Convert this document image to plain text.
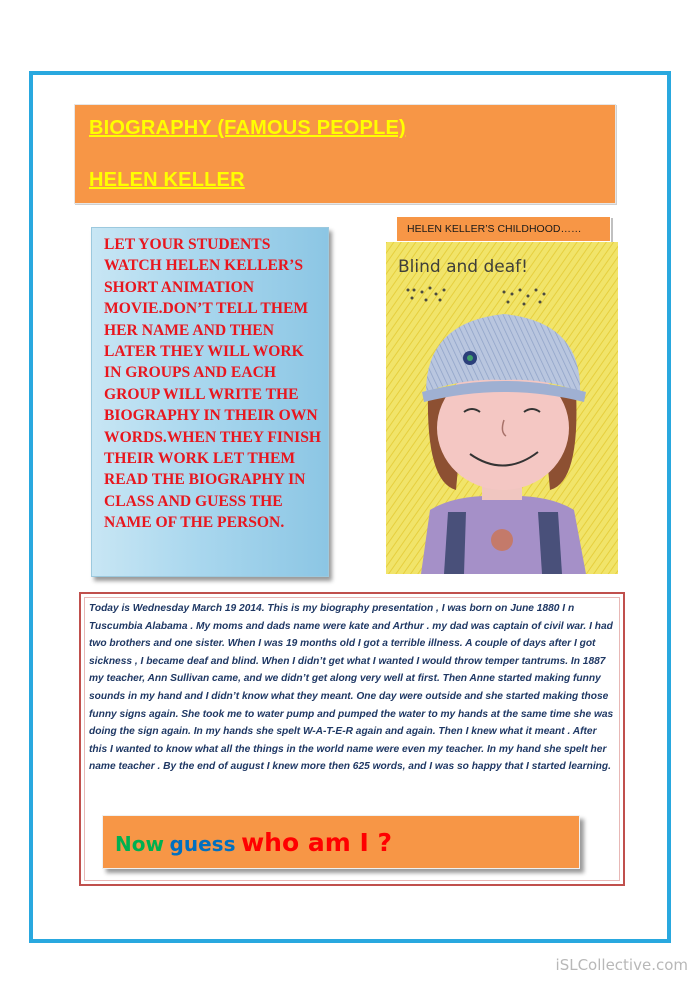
BIOGRAPHY (FAMOUS PEOPLE)
HELEN KELLER
LET YOUR STUDENTS WATCH HELEN KELLER’S SHORT ANIMATION MOVIE.DON’T TELL THEM HER NAME AND THEN LATER THEY WILL WORK IN GROUPS AND EACH GROUP WILL WRITE THE BIOGRAPHY IN THEIR OWN WORDS.WHEN THEY FINISH THEIR WORK LET THEM READ THE BIOGRAPHY IN CLASS AND GUESS THE NAME OF THE PERSON.
HELEN KELLER’S CHILDHOOD……
Blind and deaf!
Today is Wednesday March 19 2014. This is my biography presentation , I was born on June 1880 I n Tuscumbia Alabama . My moms and dads name were kate and Arthur . my dad was captain of civil war. I had two brothers and one sister. When I was 19 months old I got a terrible illness. A couple of days after I got sickness , I became deaf and blind. When I didn’t get what I wanted I would throw temper tantrums. In 1887 my teacher, Ann Sullivan came, and we didn’t get along very well at first. Then Anne started making funny sounds in my hand and I didn’t know what they meant. One day were outside and she started making those funny signs again. She took me to water pump and pumped the water to my hands at the same time she was doing the sign again. In my hands she spelt W-A-T-E-R again and again. Then I knew what it meant . After this I wanted to know what all the things in the world name were even my teacher. In my hand she spelt her name teacher . By the end of august I knew more then 625 words, and I was so happy that I started learning.
Now guess who am I ?
iSLCollective.com
